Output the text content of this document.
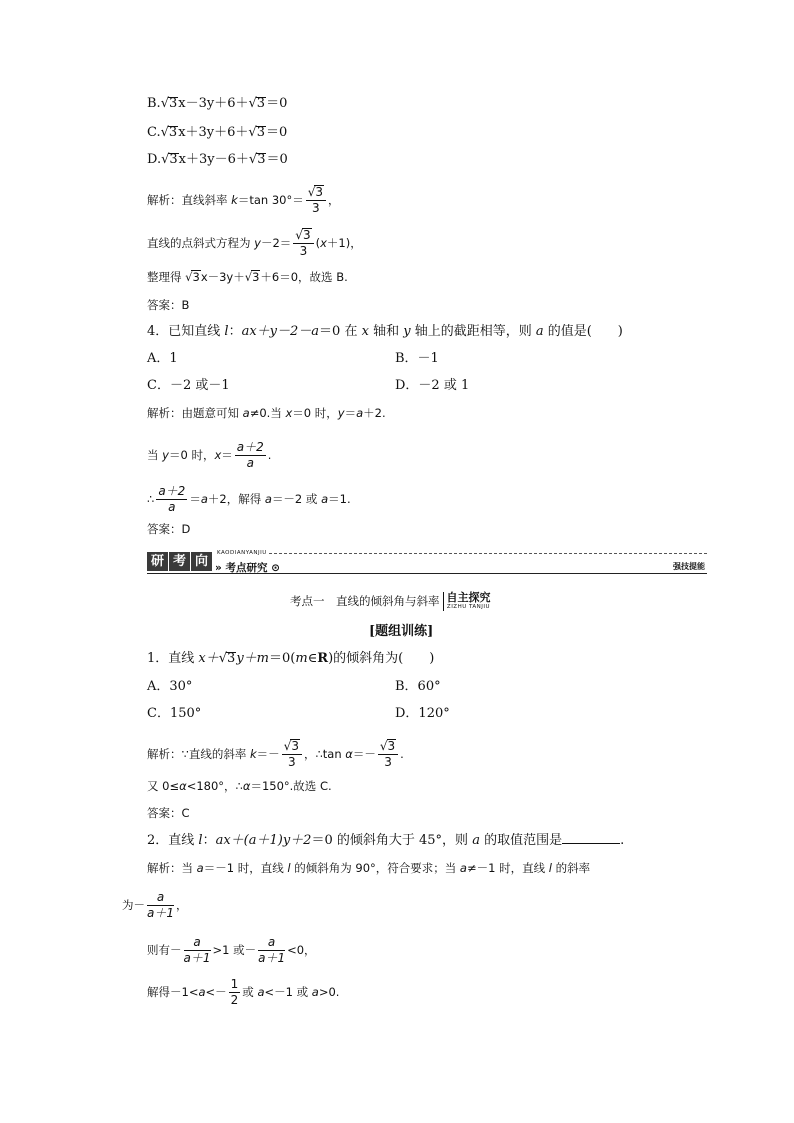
B.√3x－3y＋6＋√3＝0
C.√3x＋3y＋6＋√3＝0
D.√3x＋3y－6＋√3＝0
解析：直线斜率 k＝tan $30^\circ= \frac{√3}{3}$ ，
直线的点斜式方程为 $y-2= \frac{√3}{3} (x+1)$，
整理得 √3x－3y＋√3＋6＝0，故选 B.
答案：B
4．已知直线 l：ax＋y－2－a＝0 在 x 轴和 y 轴上的截距相等，则 a 的值是(　　)
A．1	B．－1
C．－2 或－1	D．－2 或 1
解析：由题意可知 a≠0.当 x＝0 时，y＝a＋2.
当 y＝0 时，$x= \frac{a+2}{a}$ .
∴ $\frac{a+2}{a} =a+2$，解得 a＝－2 或 a＝1.
答案：D
研 考 向
KAODIANYANJIU
» 考点研究 ⊙	强技提能
考点一　直线的倾斜角与斜率 自主探究
ZIZHU TANJIU
[题组训练]
1．直线 x＋√3y＋m＝0(m∈R)的倾斜角为(　　)
A．30°	B．60°
C．150°	D．120°
解析：∵直线的斜率 $k=- \frac{√3}{3}$ ，∴tan $\alpha=- \frac{√3}{3}$ .
又 0≤α<180°，∴α＝150°.故选 C.
答案：C
2．直线 l：ax＋(a＋1)y＋2＝0 的倾斜角大于 45°，则 a 的取值范围是	.
解析：当 a＝－1 时，直线 l 的倾斜角为 90°，符合要求；当 a≠－1 时，直线 l 的斜率
为－ $\frac{a}{a+1}$ ，
则有－ $\frac{a}{a+1} >1$ 或－ $\frac{a}{a+1} <0$，
解得$-1<a<- \frac{1}{2}$ 或 a<－1 或 a>0.
